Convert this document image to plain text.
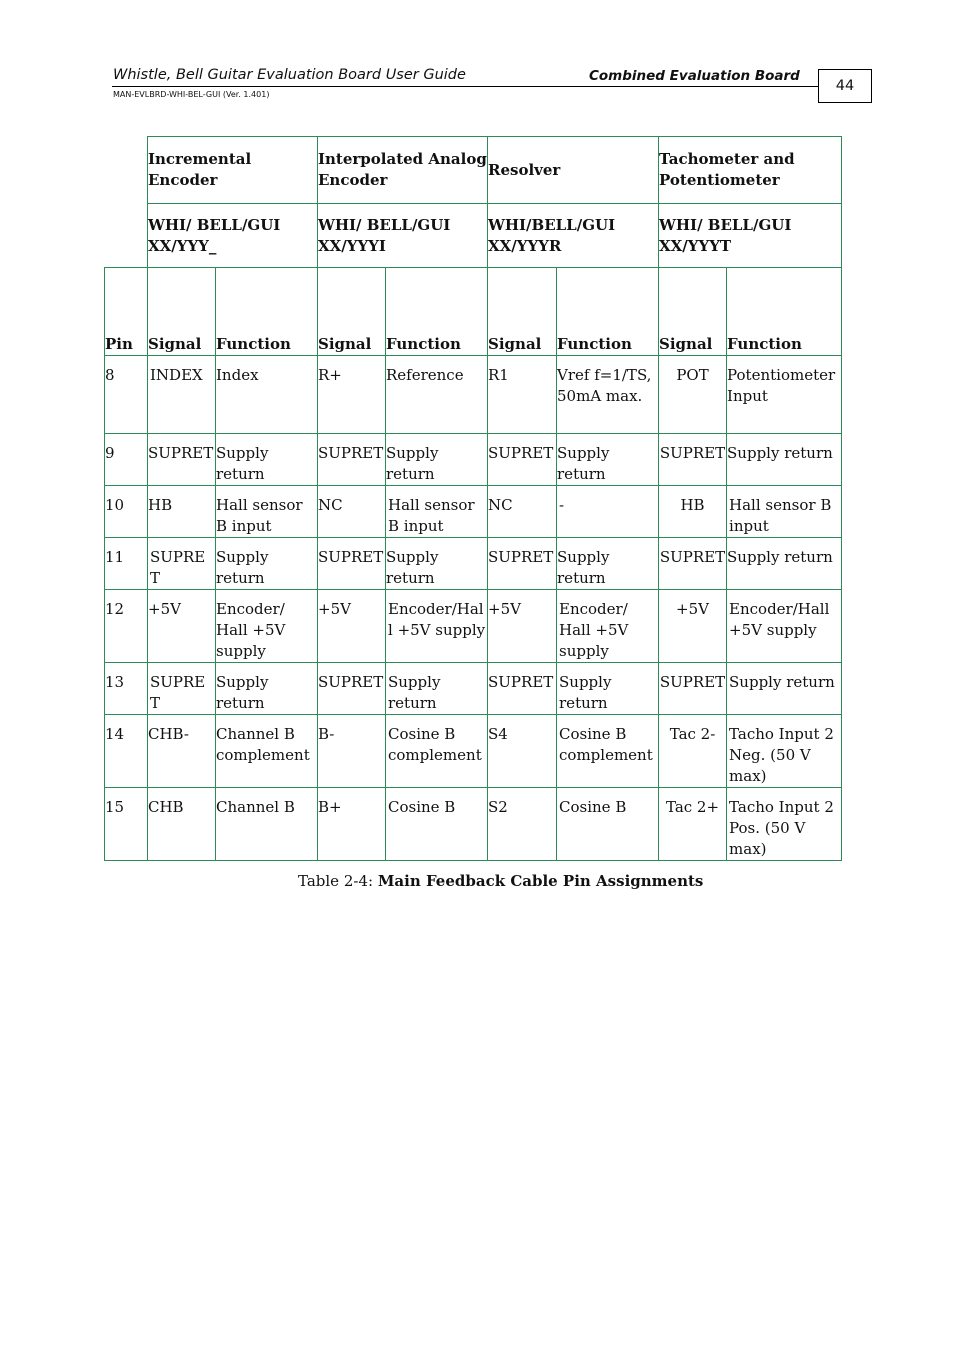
Whistle, Bell Guitar Evaluation Board User Guide	Combined Evaluation Board
MAN-EVLBRD-WHI-BEL-GUI (Ver. 1.401)
44
	Incremental Encoder		Interpolated Analog Encoder		Resolver		Tachometer and Potentiometer	
	WHI/ BELL/GUI XX/YYY_		WHI/ BELL/GUI XX/YYYI		WHI/BELL/GUI XX/YYYR		WHI/ BELL/GUI XX/YYYT	
Pin	Signal	Function	Signal	Function	Signal	Function	Signal	Function
8	INDEX	Index	R+	Reference	R1	Vref f=1/TS, 50mA max.	POT	Potentiometer Input
9	SUPRET	Supply return	SUPRET	Supply return	SUPRET	Supply return	SUPRET	Supply return
10	HB	Hall sensor B input	NC	Hall sensor B input	NC	-	HB	Hall sensor B input
11	SUPRET	Supply return	SUPRET	Supply return	SUPRET	Supply return	SUPRET	Supply return
12	+5V	Encoder/ Hall +5V supply	+5V	Encoder/Hall +5V supply	+5V	Encoder/ Hall +5V supply	+5V	Encoder/Hall +5V supply
13	SUPRET	Supply return	SUPRET	Supply return	SUPRET	Supply return	SUPRET	Supply return
14	CHB-	Channel B complement	B-	Cosine B complement	S4	Cosine B complement	Tac 2-	Tacho Input 2 Neg. (50 V max)
15	CHB	Channel B	B+	Cosine B	S2	Cosine B	Tac 2+	Tacho Input 2 Pos. (50 V max)
Table 2-4: Main Feedback Cable Pin Assignments
